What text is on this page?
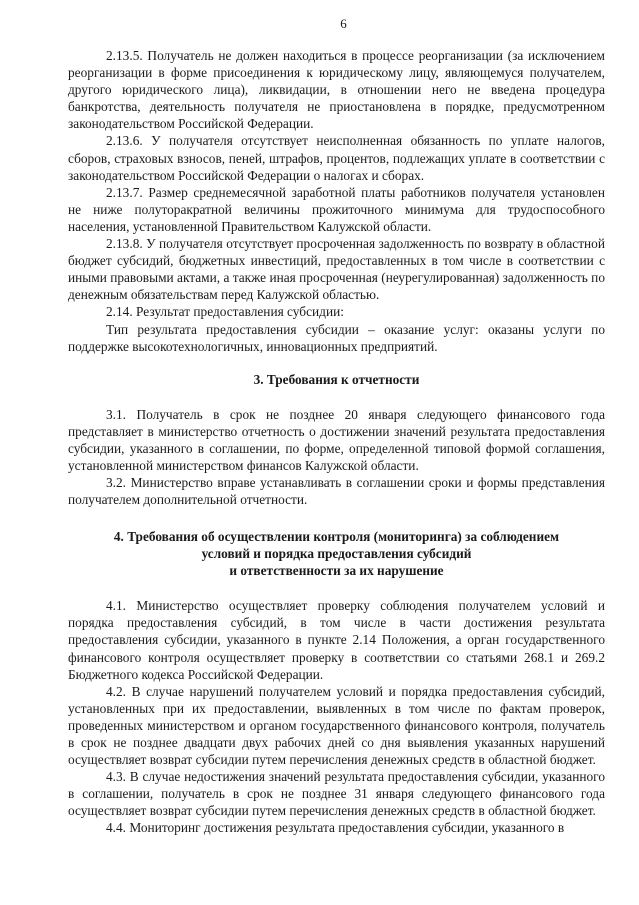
6

2.13.5. Получатель не должен находиться в процессе реорганизации (за исключением реорганизации в форме присоединения к юридическому лицу, являющемуся получателем, другого юридического лица), ликвидации, в отношении него не введена процедура банкротства, деятельность получателя не приостановлена в порядке, предусмотренном законодательством Российской Федерации.

2.13.6. У получателя отсутствует неисполненная обязанность по уплате налогов, сборов, страховых взносов, пеней, штрафов, процентов, подлежащих уплате в соответствии с законодательством Российской Федерации о налогах и сборах.

2.13.7. Размер среднемесячной заработной платы работников получателя установлен не ниже полуторакратной величины прожиточного минимума для трудоспособного населения, установленной Правительством Калужской области.

2.13.8. У получателя отсутствует просроченная задолженность по возврату в областной бюджет субсидий, бюджетных инвестиций, предоставленных в том числе в соответствии с иными правовыми актами, а также иная просроченная (неурегулированная) задолженность по денежным обязательствам перед Калужской областью.

2.14. Результат предоставления субсидии:

Тип результата предоставления субсидии – оказание услуг: оказаны услуги по поддержке высокотехнологичных, инновационных предприятий.

3. Требования к отчетности

3.1. Получатель в срок не позднее 20 января следующего финансового года представляет в министерство отчетность о достижении значений результата предоставления субсидии, указанного в соглашении, по форме, определенной типовой формой соглашения, установленной министерством финансов Калужской области.

3.2. Министерство вправе устанавливать в соглашении сроки и формы представления получателем дополнительной отчетности.

4. Требования об осуществлении контроля (мониторинга) за соблюдением
условий и порядка предоставления субсидий
и ответственности за их нарушение

4.1. Министерство осуществляет проверку соблюдения получателем условий и порядка предоставления субсидий, в том числе в части достижения результата предоставления субсидии, указанного в пункте 2.14 Положения, а орган государственного финансового контроля осуществляет проверку в соответствии со статьями 268.1 и 269.2 Бюджетного кодекса Российской Федерации.

4.2. В случае нарушений получателем условий и порядка предоставления субсидий, установленных при их предоставлении, выявленных в том числе по фактам проверок, проведенных министерством и органом государственного финансового контроля, получатель в срок не позднее двадцати двух рабочих дней со дня выявления указанных нарушений осуществляет возврат субсидии путем перечисления денежных средств в областной бюджет.

4.3. В случае недостижения значений результата предоставления субсидии, указанного в соглашении, получатель в срок не позднее 31 января следующего финансового года осуществляет возврат субсидии путем перечисления денежных средств в областной бюджет.

4.4. Мониторинг достижения результата предоставления субсидии, указанного в
